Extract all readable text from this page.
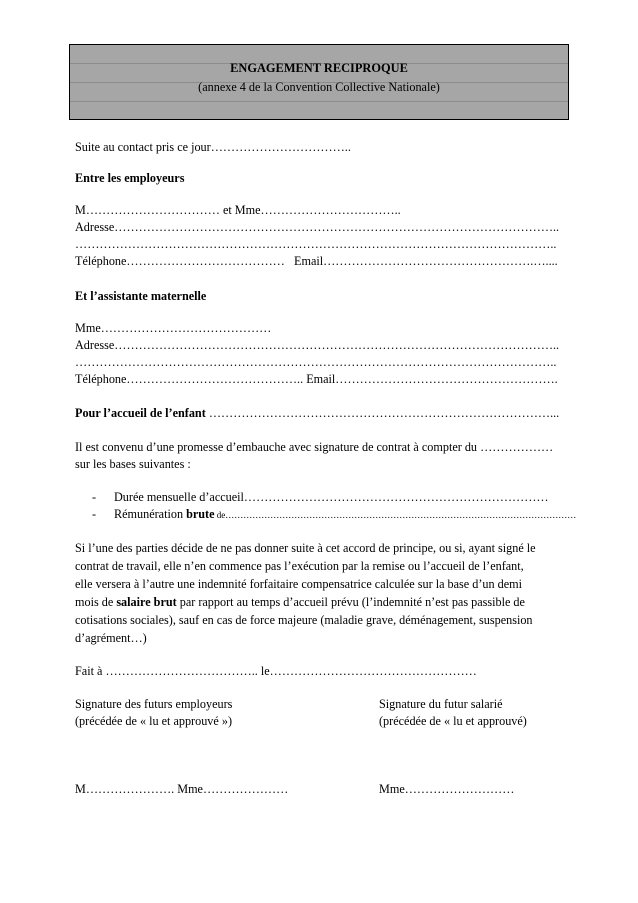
ENGAGEMENT RECIPROQUE
(annexe 4 de la Convention Collective Nationale)
Suite au contact pris ce jour……………………………..
Entre les employeurs
M…………………………… et Mme……………………………..
Adresse………………………………………………………………………………………………..
………………………………………………………………………………………………………..
Téléphone………………………………… Email…………………………………………….…....
Et l’assistante maternelle
Mme……………………………………
Adresse………………………………………………………………………………………………..
………………………………………………………………………………………………………..
Téléphone…………………………………….. Email……………………………………………….
Pour l’accueil de l’enfant …………………………………………………………………………...
Il est convenu d’une promesse d’embauche avec signature de contrat à compter du ………………
sur les bases suivantes :
- Durée mensuelle d’accueil…………………………………………………………………
- Rémunération brute de………………………………………………………………………………………………………
Si l’une des parties décide de ne pas donner suite à cet accord de principe, ou si, ayant signé le
contrat de travail, elle n’en commence pas l’exécution par la remise ou l’accueil de l’enfant,
elle versera à l’autre une indemnité forfaitaire compensatrice calculée sur la base d’un demi
mois de salaire brut par rapport au temps d’accueil prévu (l’indemnité n’est pas passible de
cotisations sociales), sauf en cas de force majeure (maladie grave, déménagement, suspension
d’agrément…)
Fait à ……………………………….. le……………………………………………
Signature des futurs employeurs	Signature du futur salarié
(précédée de « lu et approuvé »)	(précédée de « lu et approuvé)
M…………………. Mme…………………	Mme………………………
